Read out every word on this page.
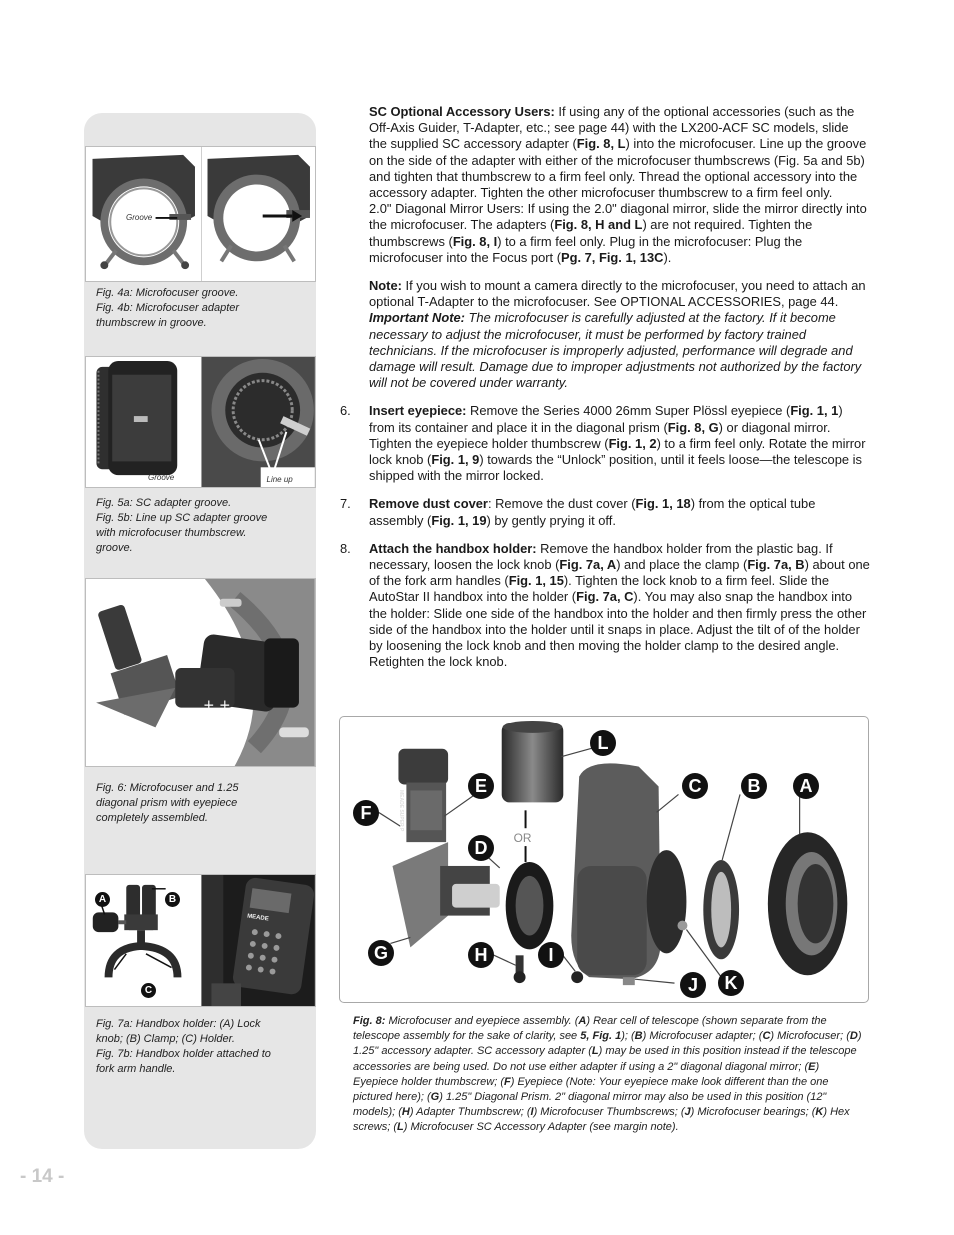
Groove
Fig. 4a: Microfocuser groove.
Fig. 4b: Microfocuser adapter
thumbscrew in groove.
Groove	Line up
Fig. 5a: SC adapter groove.
Fig. 5b: Line up SC adapter groove
with microfocuser thumbscrew.
groove.
+ +
Fig. 6: Microfocuser and 1.25
diagonal prism with eyepiece
completely assembled.
A	B
C
MEADE
Fig. 7a: Handbox holder: (A) Lock
knob; (B) Clamp; (C) Holder.
Fig. 7b: Handbox holder attached to
fork arm handle.

SC Optional Accessory Users: If using any of the optional accessories (such as the Off-Axis Guider, T-Adapter, etc.; see page 44) with the LX200-ACF SC models, slide the supplied SC accessory adapter (Fig. 8, L) into the microfocuser. Line up the groove on the side of the adapter with either of the microfocuser thumbscrews (Fig. 5a and 5b) and tighten that thumbscrew to a firm feel only. Thread the optional accessory into the accessory adapter. Tighten the other microfocuser thumbscrew to a firm feel only.

2.0" Diagonal Mirror Users: If using the 2.0" diagonal mirror, slide the mirror directly into the microfocuser. The adapters (Fig. 8, H and L) are not required. Tighten the thumbscrews (Fig. 8, I) to a firm feel only. Plug in the microfocuser: Plug the microfocuser into the Focus port (Pg. 7, Fig. 1, 13C).

Note: If you wish to mount a camera directly to the microfocuser, you need to attach an optional T-Adapter to the microfocuser. See OPTIONAL ACCESSORIES, page 44.

Important Note: The microfocuser is carefully adjusted at the factory. If it become necessary to adjust the microfocuser, it must be performed by factory trained technicians. If the microfocuser is improperly adjusted, performance will degrade and damage will result. Damage due to improper adjustments not authorized by the factory will not be covered under warranty.

6. Insert eyepiece: Remove the Series 4000 26mm Super Plössl eyepiece (Fig. 1, 1) from its container and place it in the diagonal prism (Fig. 8, G) or diagonal mirror. Tighten the eyepiece holder thumbscrew (Fig. 1, 2) to a firm feel only. Rotate the mirror lock knob (Fig. 1, 9) towards the “Unlock” position, until it feels loose—the telescope is shipped with the mirror locked.

7. Remove dust cover: Remove the dust cover (Fig. 1, 18) from the optical tube assembly (Fig. 1, 19) by gently prying it off.

8. Attach the handbox holder: Remove the handbox holder from the plastic bag. If necessary, loosen the lock knob (Fig. 7a, A) and place the clamp (Fig. 7a, B) about one of the fork arm handles (Fig. 1, 15). Tighten the lock knob to a firm feel. Slide the AutoStar II handbox into the holder (Fig. 7a, C). You may also snap the handbox into the holder: Slide one side of the handbox into the holder and then firmly press the other side of the handbox into the holder until it snaps in place. Adjust the tilt of of the holder by loosening the lock knob and then moving the holder clamp to the desired angle. Retighten the lock knob.

OR
L
E	C	B	A
F
D
G	H	I
J	K
MEADE SUPER P
Fig. 8: Microfocuser and eyepiece assembly. (A) Rear cell of telescope (shown separate from the telescope assembly for the sake of clarity, see 5, Fig. 1); (B) Microfocuser adapter; (C) Microfocuser; (D) 1.25" accessory adapter. SC accessory adapter (L) may be used in this position instead if the telescope accessories are being used. Do not use either adapter if using a 2" diagonal diagonal mirror; (E) Eyepiece holder thumbscrew; (F) Eyepiece (Note: Your eyepiece make look different than the one pictured here); (G) 1.25" Diagonal Prism. 2" diagonal mirror may also be used in this position (12" models); (H) Adapter Thumbscrew; (I) Microfocuser Thumbscrews; (J) Microfocuser bearings; (K) Hex screws; (L) Microfocuser SC Accessory Adapter (see margin note).
- 14 -
